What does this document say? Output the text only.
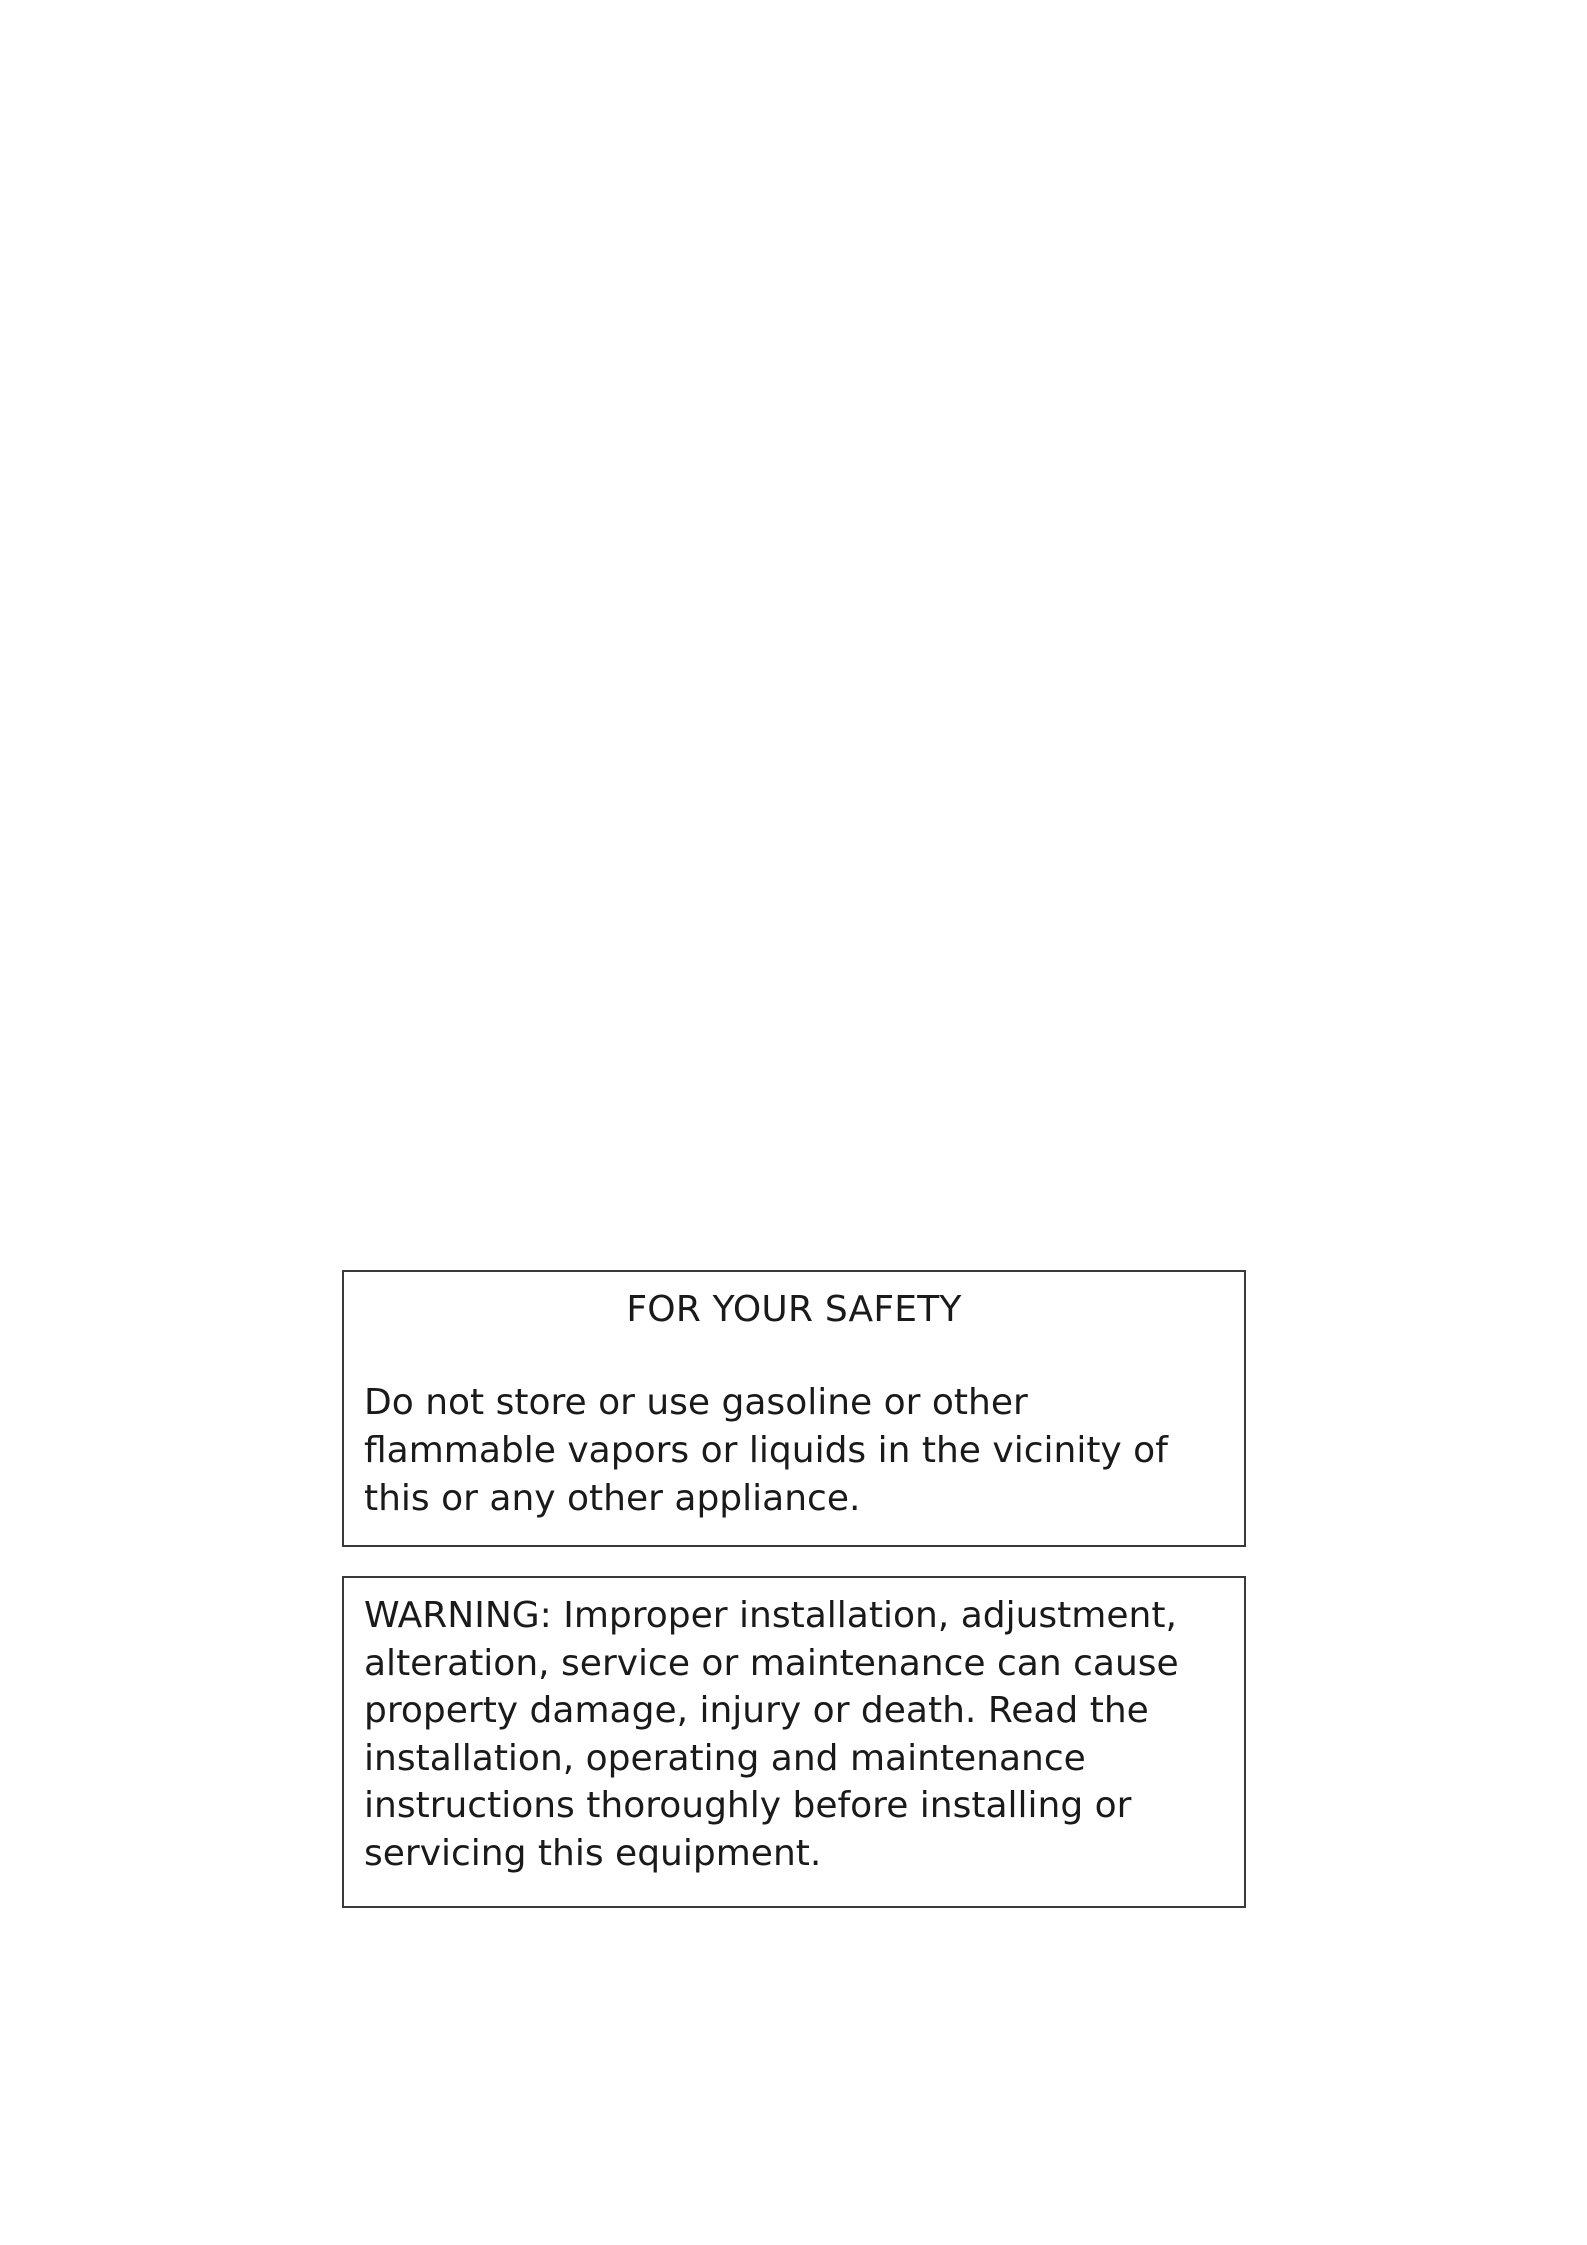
FOR YOUR SAFETY
Do not store or use gasoline or other flammable vapors or liquids in the vicinity of this or any other appliance.
WARNING: Improper installation, adjustment, alteration, service or maintenance can cause property damage, injury or death. Read the installation, operating and maintenance instructions thoroughly before installing or servicing this equipment.
